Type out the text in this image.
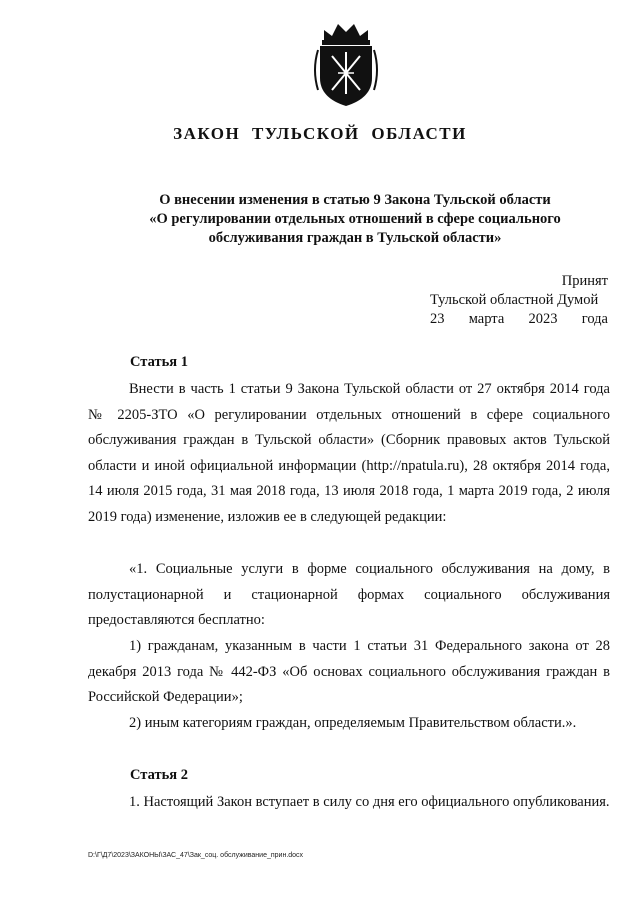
ЗАКОН ТУЛЬСКОЙ ОБЛАСТИ
О внесении изменения в статью 9 Закона Тульской области
«О регулировании отдельных отношений в сфере социального
обслуживания граждан в Тульской области»
Принят
Тульской областной Думой
23 марта 2023 года
Статья 1
Внести в часть 1 статьи 9 Закона Тульской области от 27 октября 2014 года № 2205-ЗТО «О регулировании отдельных отношений в сфере социального обслуживания граждан в Тульской области» (Сборник правовых актов Тульской области и иной официальной информации (http://npatula.ru), 28 октября 2014 года, 14 июля 2015 года, 31 мая 2018 года, 13 июля 2018 года, 1 марта 2019 года, 2 июля 2019 года) изменение, изложив ее в следующей редакции:
«1. Социальные услуги в форме социального обслуживания на дому, в полустационарной и стационарной формах социального обслуживания предоставляются бесплатно:
1) гражданам, указанным в части 1 статьи 31 Федерального закона от 28 декабря 2013 года № 442-ФЗ «Об основах социального обслуживания граждан в Российской Федерации»;
2) иным категориям граждан, определяемым Правительством области.».
Статья 2
1. Настоящий Закон вступает в силу со дня его официального опубликования.
D:\Г\Д7\2023\ЗАКОНЫ\ЗАС_47\Зак_соц. обслуживание_прин.docx
